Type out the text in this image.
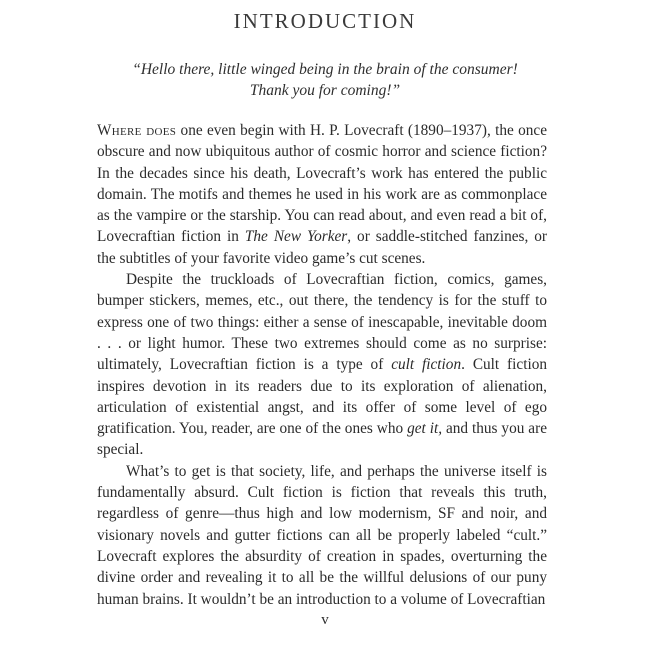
INTRODUCTION
“Hello there, little winged being in the brain of the consumer!
Thank you for coming!”

Where does one even begin with H. P. Lovecraft (1890–1937), the once obscure and now ubiquitous author of cosmic horror and science fiction? In the decades since his death, Lovecraft’s work has entered the public domain. The motifs and themes he used in his work are as commonplace as the vampire or the starship. You can read about, and even read a bit of, Lovecraftian fiction in The New Yorker, or saddle-stitched fanzines, or the subtitles of your favorite video game’s cut scenes.

Despite the truckloads of Lovecraftian fiction, comics, games, bumper stickers, memes, etc., out there, the tendency is for the stuff to express one of two things: either a sense of inescapable, inevitable doom . . . or light humor. These two extremes should come as no surprise: ultimately, Lovecraftian fiction is a type of cult fiction. Cult fiction inspires devotion in its readers due to its exploration of alienation, articulation of existential angst, and its offer of some level of ego gratification. You, reader, are one of the ones who get it, and thus you are special.

What’s to get is that society, life, and perhaps the universe itself is fundamentally absurd. Cult fiction is fiction that reveals this truth, regardless of genre—thus high and low modernism, SF and noir, and visionary novels and gutter fictions can all be properly labeled “cult.” Lovecraft explores the absurdity of creation in spades, overturning the divine order and revealing it to all be the willful delusions of our puny human brains. It wouldn’t be an introduction to a volume of Lovecraftian

v
